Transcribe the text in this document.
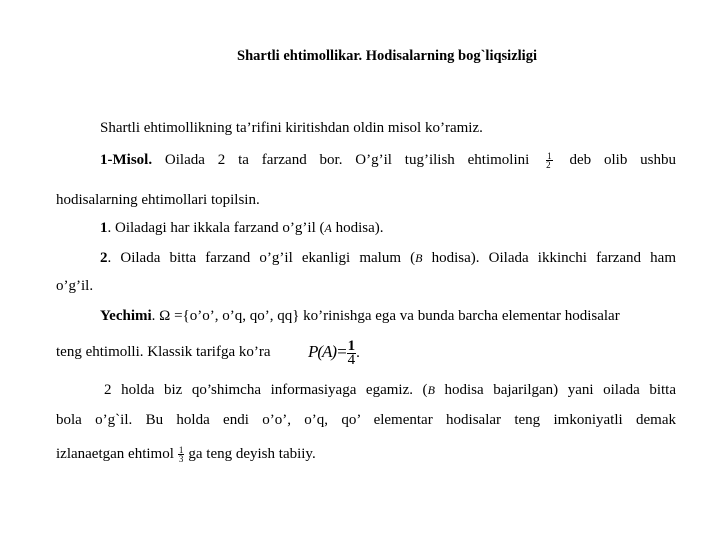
Shartli ehtimollikar. Hodisalarning bog`liqsizligi
Shartli ehtimollikning ta’rifini kiritishdan oldin misol ko’ramiz.
1-Misol. Oilada 2 ta farzand bor. O’g’il tug’ilish ehtimolini $\frac{1}{2}$ deb olib ushbu
hodisalarning ehtimollari topilsin.
1. Oiladagi har ikkala farzand o’g’il (A hodisa).
2. Oilada bitta farzand o’g’il ekanligi malum (B hodisa). Oilada ikkinchi farzand ham
o’g’il.
Yechimi. Ω ={o’o’, o’q, qo’, qq} ko’rinishga ega va bunda barcha elementar hodisalar
teng ehtimolli. Klassik tarifga ko’ra $P(A)= \frac{1}{4}$ .
2 holda biz qo’shimcha informasiyaga egamiz. (B hodisa bajarilgan) yani oilada bitta
bola o’g`il. Bu holda endi o’o’, o’q, qo’ elementar hodisalar teng imkoniyatli demak
izlanaetgan ehtimol $\frac{1}{3}$ ga teng deyish tabiiy.
